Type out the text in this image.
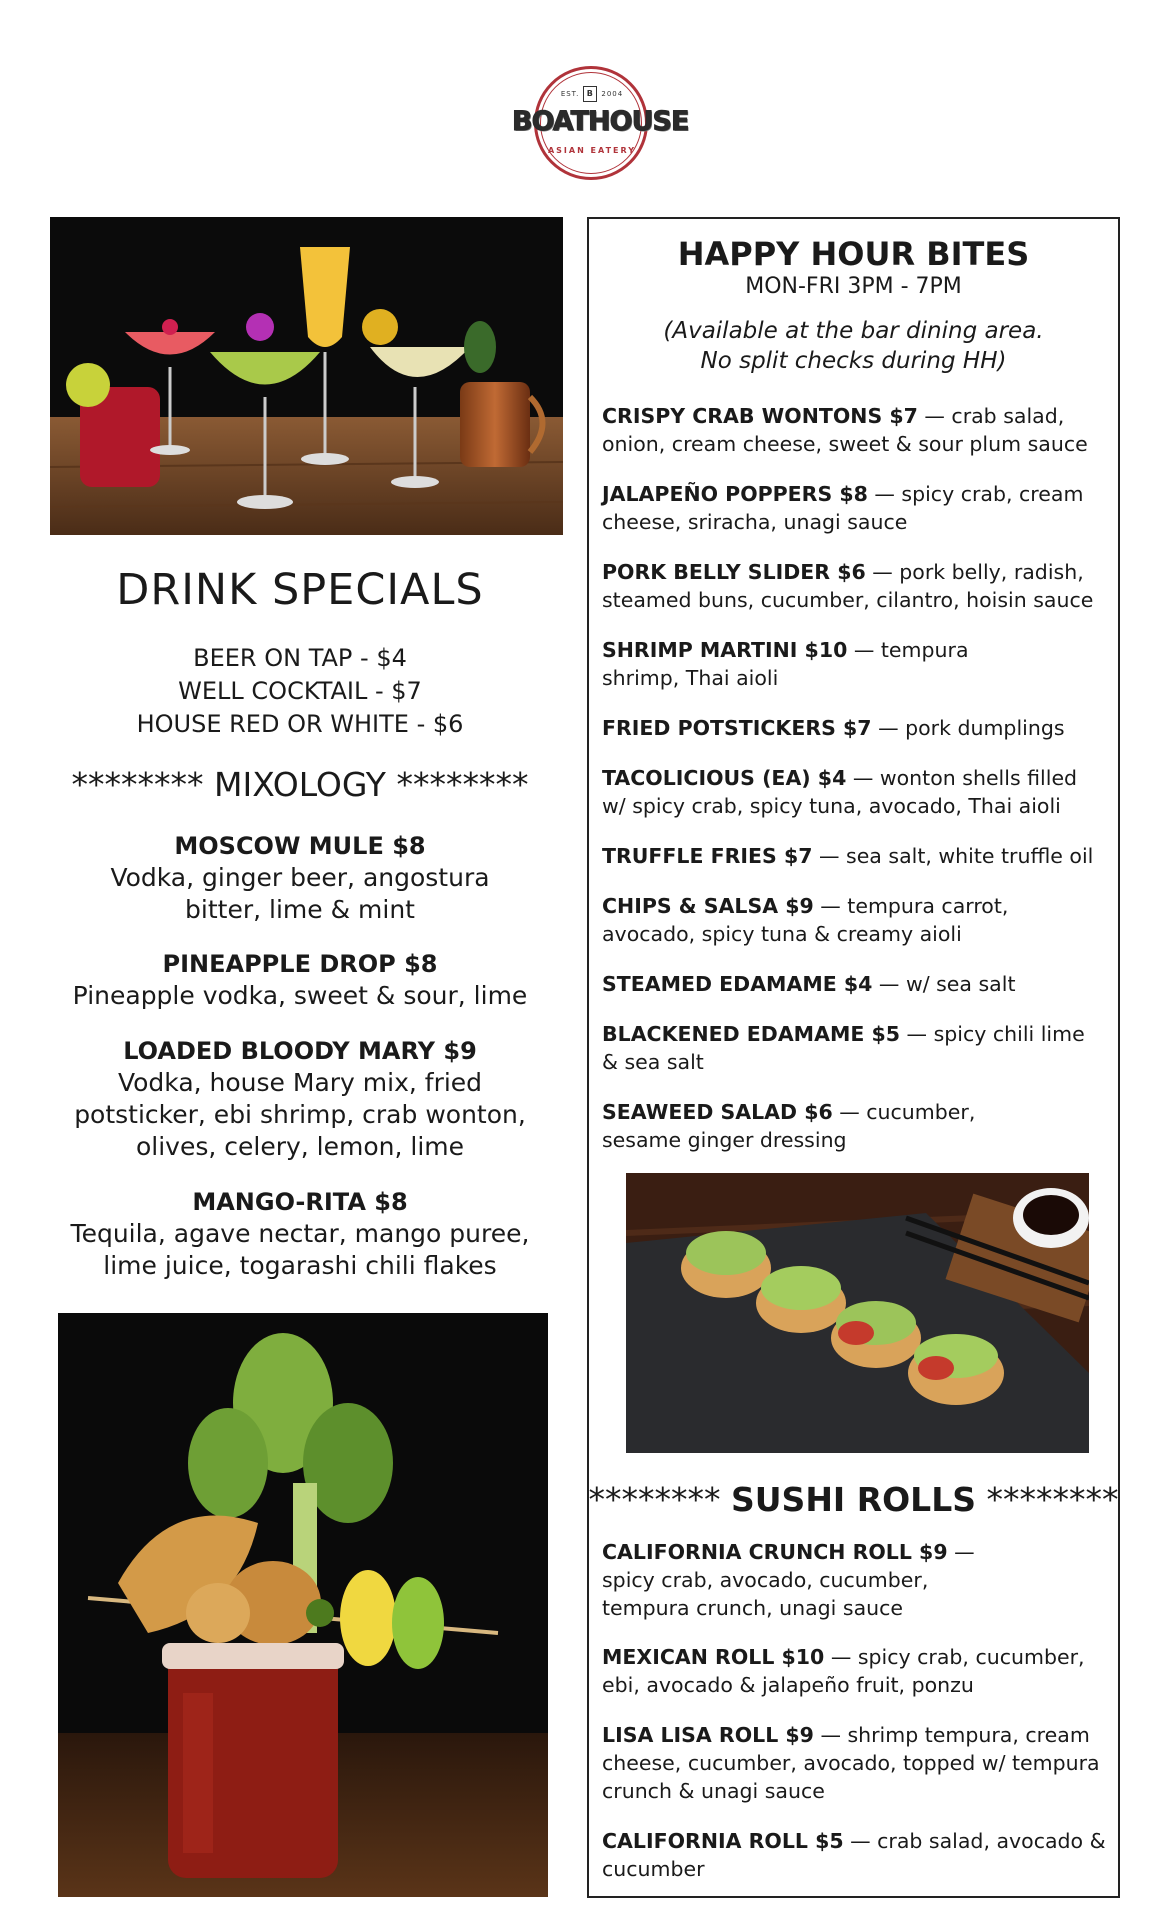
EST. B 2004
BOATHOUSE
ASIAN EATERY
DRINK SPECIALS
BEER ON TAP - $4
WELL COCKTAIL - $7
HOUSE RED OR WHITE - $6
******** MIXOLOGY ********
MOSCOW MULE $8
Vodka, ginger beer, angostura bitter, lime & mint
PINEAPPLE DROP $8
Pineapple vodka, sweet & sour, lime
LOADED BLOODY MARY $9
Vodka, house Mary mix, fried potsticker, ebi shrimp, crab wonton, olives, celery, lemon, lime
MANGO-RITA $8
Tequila, agave nectar, mango puree, lime juice, togarashi chili flakes
HAPPY HOUR BITES
MON-FRI 3PM - 7PM
(Available at the bar dining area.
No split checks during HH)
CRISPY CRAB WONTONS $7 — crab salad, onion, cream cheese, sweet & sour plum sauce
JALAPEÑO POPPERS $8 — spicy crab, cream cheese, sriracha, unagi sauce
PORK BELLY SLIDER $6 — pork belly, radish, steamed buns, cucumber, cilantro, hoisin sauce
SHRIMP MARTINI $10 — tempura shrimp, Thai aioli
FRIED POTSTICKERS $7 — pork dumplings
TACOLICIOUS (EA) $4 — wonton shells filled w/ spicy crab, spicy tuna, avocado, Thai aioli
TRUFFLE FRIES $7 — sea salt, white truffle oil
CHIPS & SALSA $9 — tempura carrot, avocado, spicy tuna & creamy aioli
STEAMED EDAMAME $4 — w/ sea salt
BLACKENED EDAMAME $5 — spicy chili lime & sea salt
SEAWEED SALAD $6 — cucumber, sesame ginger dressing
******** SUSHI ROLLS ********
CALIFORNIA CRUNCH ROLL $9 — spicy crab, avocado, cucumber, tempura crunch, unagi sauce
MEXICAN ROLL $10 — spicy crab, cucumber, ebi, avocado & jalapeño fruit, ponzu
LISA LISA ROLL $9 — shrimp tempura, cream cheese, cucumber, avocado, topped w/ tempura crunch & unagi sauce
CALIFORNIA ROLL $5 — crab salad, avocado & cucumber
